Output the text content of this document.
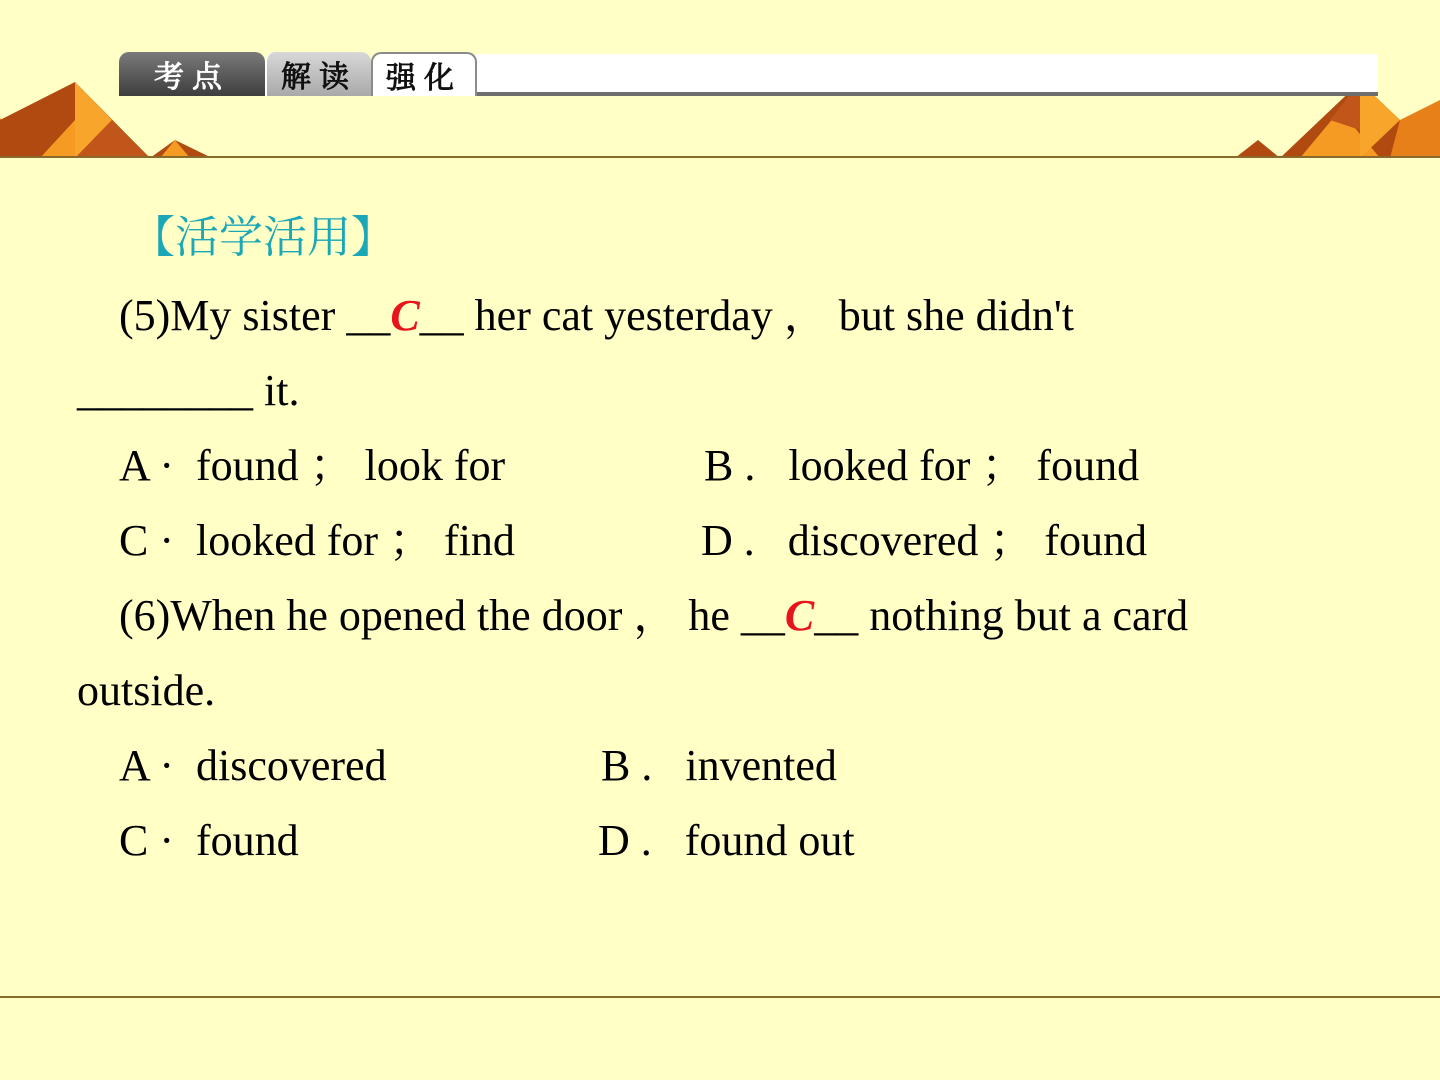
考点	解读 强化
【活学活用】
(5)My sister __C__ her cat yesterday ， but she didn't
________ it.
A · found ； look for	B . looked for ； found
C · looked for ； find	D . discovered ； found
(6)When he opened the door ， he __C__ nothing but a card
outside.
A · discovered	B . invented
C · found	D . found out
